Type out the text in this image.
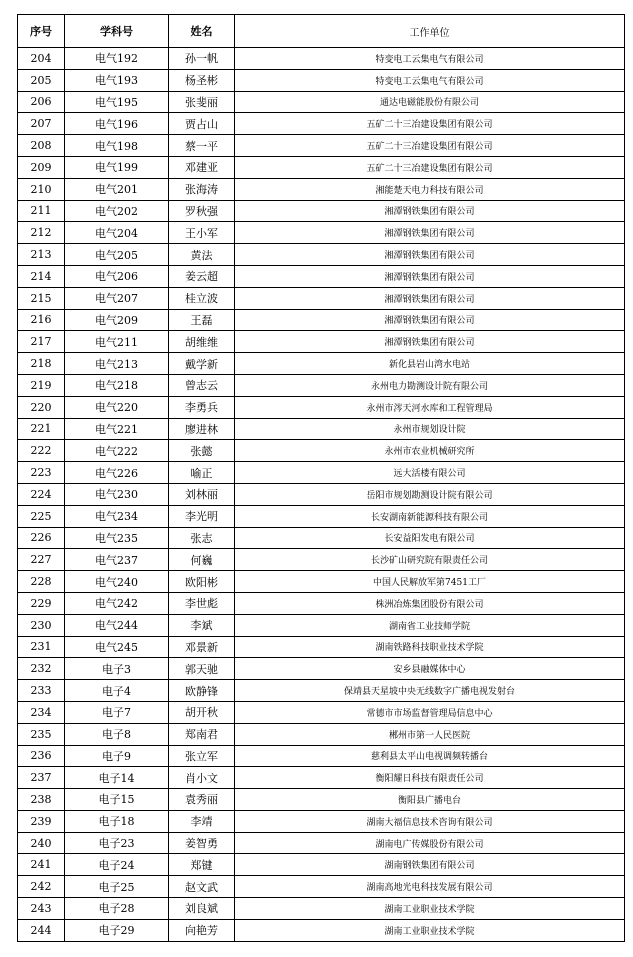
序号	学科号	姓名	工作单位
204	电气192	孙一帆	特变电工云集电气有限公司
205	电气193	杨圣彬	特变电工云集电气有限公司
206	电气195	张斐丽	通达电磁能股份有限公司
207	电气196	贾占山	五矿二十三冶建设集团有限公司
208	电气198	蔡一平	五矿二十三冶建设集团有限公司
209	电气199	邓建亚	五矿二十三冶建设集团有限公司
210	电气201	张海涛	湘能楚天电力科技有限公司
211	电气202	罗秋强	湘潭钢铁集团有限公司
212	电气204	王小军	湘潭钢铁集团有限公司
213	电气205	黄法	湘潭钢铁集团有限公司
214	电气206	姜云超	湘潭钢铁集团有限公司
215	电气207	桂立波	湘潭钢铁集团有限公司
216	电气209	王磊	湘潭钢铁集团有限公司
217	电气211	胡维维	湘潭钢铁集团有限公司
218	电气213	戴学新	新化县岩山湾水电站
219	电气218	曾志云	永州电力勘测设计院有限公司
220	电气220	李勇兵	永州市涔天河水库和工程管理局
221	电气221	廖进林	永州市规划设计院
222	电气222	张懿	永州市农业机械研究所
223	电气226	喻正	远大活楼有限公司
224	电气230	刘林丽	岳阳市规划勘测设计院有限公司
225	电气234	李光明	长安湖南新能源科技有限公司
226	电气235	张志	长安益阳发电有限公司
227	电气237	何巍	长沙矿山研究院有限责任公司
228	电气240	欧阳彬	中国人民解放军第7451工厂
229	电气242	李世彪	株洲冶炼集团股份有限公司
230	电气244	李斌	湖南省工业技师学院
231	电气245	邓景新	湖南铁路科技职业技术学院
232	电子3	郭天驰	安乡县融媒体中心
233	电子4	欧静锋	保靖县天星坡中央无线数字广播电视发射台
234	电子7	胡开秋	常德市市场监督管理局信息中心
235	电子8	郑南君	郴州市第一人民医院
236	电子9	张立军	慈利县太平山电视调频转播台
237	电子14	肖小文	衡阳耀日科技有限责任公司
238	电子15	袁秀丽	衡阳县广播电台
239	电子18	李靖	湖南大福信息技术咨询有限公司
240	电子23	姜智勇	湖南电广传媒股份有限公司
241	电子24	郑键	湖南钢铁集团有限公司
242	电子25	赵文武	湖南高地光电科技发展有限公司
243	电子28	刘良斌	湖南工业职业技术学院
244	电子29	向艳芳	湖南工业职业技术学院
